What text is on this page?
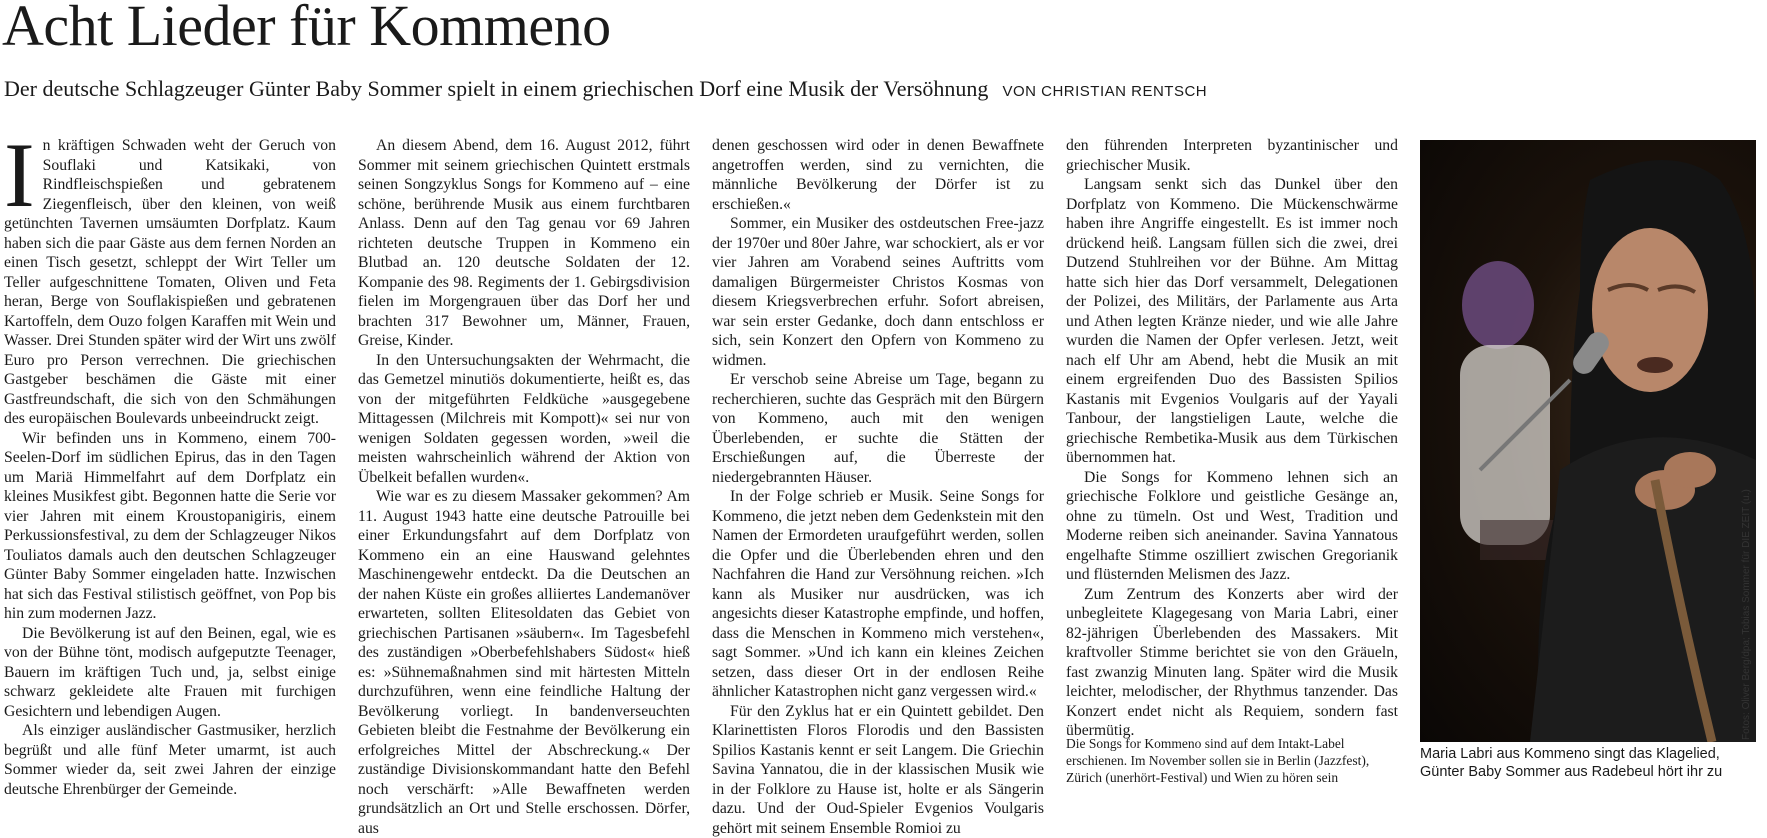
Acht Lieder für Kommeno
Der deutsche Schlagzeuger Günter Baby Sommer spielt in einem griechischen Dorf eine Musik der Versöhnung VON CHRISTIAN RENTSCH
I n kräftigen Schwaden weht der Geruch von Souflaki und Katsikaki, von Rindfleischspießen und gebratenem Ziegenfleisch, über den kleinen, von weiß getünchten Tavernen umsäumten Dorfplatz. Kaum haben sich die paar Gäste aus dem fernen Norden an einen Tisch gesetzt, schleppt der Wirt Teller um Teller aufgeschnittene Tomaten, Oliven und Feta heran, Berge von Souflakispießen und gebratenen Kartoffeln, dem Ouzo folgen Karaffen mit Wein und Wasser. Drei Stunden später wird der Wirt uns zwölf Euro pro Person verrechnen. Die griechischen Gastgeber beschämen die Gäste mit einer Gastfreundschaft, die sich von den Schmähungen des europäischen Boulevards unbeeindruckt zeigt.

Wir befinden uns in Kommeno, einem 700-Seelen-Dorf im südlichen Epirus, das in den Tagen um Mariä Himmelfahrt auf dem Dorfplatz ein kleines Musikfest gibt. Begonnen hatte die Serie vor vier Jahren mit einem Kroustopanigiris, einem Perkussionsfestival, zu dem der Schlagzeuger Nikos Touliatos damals auch den deutschen Schlagzeuger Günter Baby Sommer eingeladen hatte. Inzwischen hat sich das Festival stilistisch geöffnet, von Pop bis hin zum modernen Jazz.

Die Bevölkerung ist auf den Beinen, egal, wie es von der Bühne tönt, modisch aufgeputzte Teenager, Bauern im kräftigen Tuch und, ja, selbst einige schwarz gekleidete alte Frauen mit furchigen Gesichtern und lebendigen Augen.

Als einziger ausländischer Gastmusiker, herzlich begrüßt und alle fünf Meter umarmt, ist auch Sommer wieder da, seit zwei Jahren der einzige deutsche Ehrenbürger der Gemeinde.

An diesem Abend, dem 16. August 2012, führt Sommer mit seinem griechischen Quintett erstmals seinen Songzyklus Songs for Kommeno auf – eine schöne, berührende Musik aus einem furchtbaren Anlass. Denn auf den Tag genau vor 69 Jahren richteten deutsche Truppen in Kommeno ein Blutbad an. 120 deutsche Soldaten der 12. Kompanie des 98. Regiments der 1. Gebirgsdivision fielen im Morgengrauen über das Dorf her und brachten 317 Bewohner um, Männer, Frauen, Greise, Kinder.

In den Untersuchungsakten der Wehrmacht, die das Gemetzel minutiös dokumentierte, heißt es, das von der mitgeführten Feldküche »ausgegebene Mittagessen (Milchreis mit Kompott)« sei nur von wenigen Soldaten gegessen worden, »weil die meisten wahrscheinlich während der Aktion von Übelkeit befallen wurden«.

Wie war es zu diesem Massaker gekommen? Am 11. August 1943 hatte eine deutsche Patrouille bei einer Erkundungsfahrt auf dem Dorfplatz von Kommeno ein an eine Hauswand gelehntes Maschinengewehr entdeckt. Da die Deutschen an der nahen Küste ein großes alliiertes Landemanöver erwarteten, sollten Elitesoldaten das Gebiet von griechischen Partisanen »säubern«. Im Tagesbefehl des zuständigen »Oberbefehlshabers Südost« hieß es: »Sühnemaßnahmen sind mit härtesten Mitteln durchzuführen, wenn eine feindliche Haltung der Bevölkerung vorliegt. In bandenverseuchten Gebieten bleibt die Festnahme der Bevölkerung ein erfolgreiches Mittel der Abschreckung.« Der zuständige Divisionskommandant hatte den Befehl noch verschärft: »Alle Bewaffneten werden grundsätzlich an Ort und Stelle erschossen. Dörfer, aus

denen geschossen wird oder in denen Bewaffnete angetroffen werden, sind zu vernichten, die männliche Bevölkerung der Dörfer ist zu erschießen.«

Sommer, ein Musiker des ostdeutschen Free-jazz der 1970er und 80er Jahre, war schockiert, als er vor vier Jahren am Vorabend seines Auftritts vom damaligen Bürgermeister Christos Kosmas von diesem Kriegsverbrechen erfuhr. Sofort abreisen, war sein erster Gedanke, doch dann entschloss er sich, sein Konzert den Opfern von Kommeno zu widmen.

Er verschob seine Abreise um Tage, begann zu recherchieren, suchte das Gespräch mit den Bürgern von Kommeno, auch mit den wenigen Überlebenden, er suchte die Stätten der Erschießungen auf, die Überreste der niedergebrannten Häuser.

In der Folge schrieb er Musik. Seine Songs for Kommeno, die jetzt neben dem Gedenkstein mit den Namen der Ermordeten uraufgeführt werden, sollen die Opfer und die Überlebenden ehren und den Nachfahren die Hand zur Versöhnung reichen. »Ich kann als Musiker nur ausdrücken, was ich angesichts dieser Katastrophe empfinde, und hoffen, dass die Menschen in Kommeno mich verstehen«, sagt Sommer. »Und ich kann ein kleines Zeichen setzen, dass dieser Ort in der endlosen Reihe ähnlicher Katastrophen nicht ganz vergessen wird.«

Für den Zyklus hat er ein Quintett gebildet. Den Klarinettisten Floros Florodis und den Bassisten Spilios Kastanis kennt er seit Langem. Die Griechin Savina Yannatou, die in der klassischen Musik wie in der Folklore zu Hause ist, holte er als Sängerin dazu. Und der Oud-Spieler Evgenios Voulgaris gehört mit seinem Ensemble Romioi zu

den führenden Interpreten byzantinischer und griechischer Musik.

Langsam senkt sich das Dunkel über den Dorfplatz von Kommeno. Die Mückenschwärme haben ihre Angriffe eingestellt. Es ist immer noch drückend heiß. Langsam füllen sich die zwei, drei Dutzend Stuhlreihen vor der Bühne. Am Mittag hatte sich hier das Dorf versammelt, Delegationen der Polizei, des Militärs, der Parlamente aus Arta und Athen legten Kränze nieder, und wie alle Jahre wurden die Namen der Opfer verlesen. Jetzt, weit nach elf Uhr am Abend, hebt die Musik an mit einem ergreifenden Duo des Bassisten Spilios Kastanis mit Evgenios Voulgaris auf der Yayali Tanbour, der langstieligen Laute, welche die griechische Rembetika-Musik aus dem Türkischen übernommen hat.

Die Songs for Kommeno lehnen sich an griechische Folklore und geistliche Gesänge an, ohne zu tümeln. Ost und West, Tradition und Moderne reiben sich aneinander. Savina Yannatous engelhafte Stimme oszilliert zwischen Gregorianik und flüsternden Melismen des Jazz.

Zum Zentrum des Konzerts aber wird der unbegleitete Klagegesang von Maria Labri, einer 82-jährigen Überlebenden des Massakers. Mit kraftvoller Stimme berichtet sie von den Gräueln, fast zwanzig Minuten lang. Später wird die Musik leichter, melodischer, der Rhythmus tanzender. Das Konzert endet nicht als Requiem, sondern fast übermütig.

Die Songs for Kommeno sind auf dem Intakt-Label erschienen. Im November sollen sie in Berlin (Jazzfest), Zürich (unerhört-Festival) und Wien zu hören sein
Maria Labri aus Kommeno singt das Klagelied, Günter Baby Sommer aus Radebeul hört ihr zu
